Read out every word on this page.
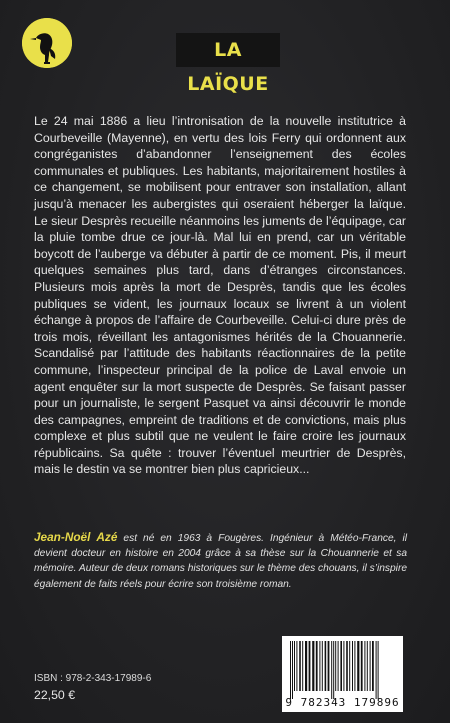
LA LAÏQUE

Le 24 mai 1886 a lieu l’intronisation de la nouvelle institutrice à Courbeveille (Mayenne), en vertu des lois Ferry qui ordonnent aux congréganistes d’abandonner l’enseignement des écoles communales et publiques. Les habitants, majoritairement hostiles à ce changement, se mobilisent pour entraver son installation, allant jusqu’à menacer les aubergistes qui oseraient héberger la laïque. Le sieur Desprès recueille néanmoins les juments de l’équipage, car la pluie tombe drue ce jour-là. Mal lui en prend, car un véritable boycott de l’auberge va débuter à partir de ce moment. Pis, il meurt quelques semaines plus tard, dans d’étranges circonstances. Plusieurs mois après la mort de Desprès, tandis que les écoles publiques se vident, les journaux locaux se livrent à un violent échange à propos de l’affaire de Courbeveille. Celui-ci dure près de trois mois, réveillant les antagonismes hérités de la Chouannerie. Scandalisé par l’attitude des habitants réactionnaires de la petite commune, l’inspecteur principal de la police de Laval envoie un agent enquêter sur la mort suspecte de Desprès. Se faisant passer pour un journaliste, le sergent Pasquet va ainsi découvrir le monde des campagnes, empreint de traditions et de convictions, mais plus complexe et plus subtil que ne veulent le faire croire les journaux républicains. Sa quête : trouver l’éventuel meurtrier de Desprès, mais le destin va se montrer bien plus capricieux...

Jean-Noël Azé est né en 1963 à Fougères. Ingénieur à Météo-France, il devient docteur en histoire en 2004 grâce à sa thèse sur la Chouannerie et sa mémoire. Auteur de deux romans historiques sur le thème des chouans, il s’inspire également de faits réels pour écrire son troisième roman.

ISBN : 978-2-343-17989-6
22,50 €
9 782343 179896
